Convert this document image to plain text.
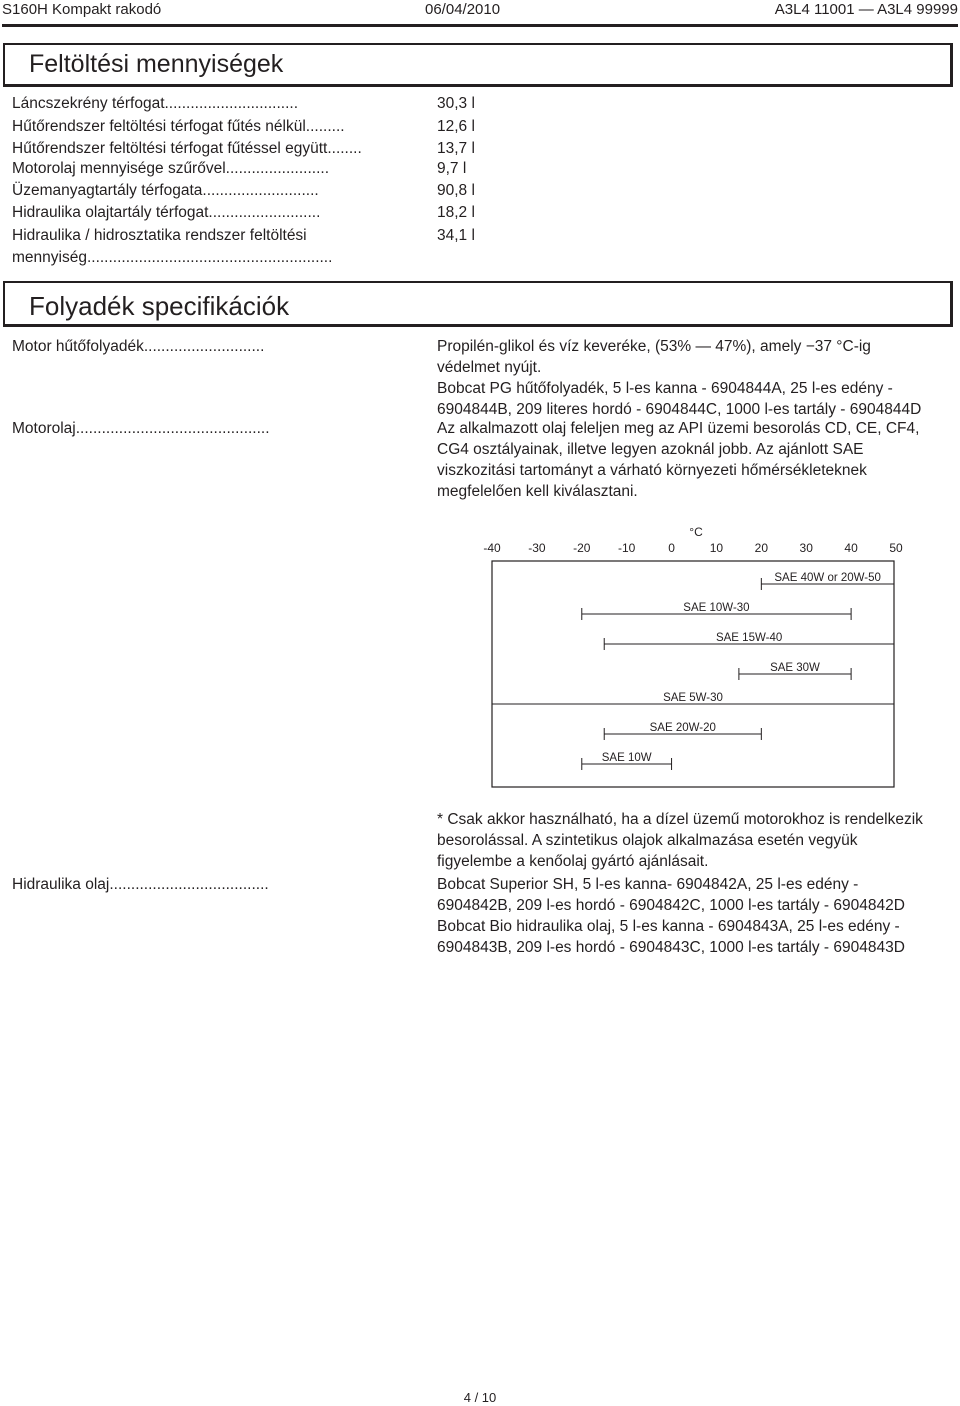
S160H Kompakt rakodó	06/04/2010	A3L4 11001 — A3L4 99999
Feltöltési mennyiségek
Láncszekrény térfogat...............................	30,3 l
Hűtőrendszer feltöltési térfogat fűtés nélkül.........	12,6 l
Hűtőrendszer feltöltési térfogat fűtéssel együtt........	13,7 l
Motorolaj mennyisége szűrővel........................	9,7 l
Üzemanyagtartály térfogata...........................	90,8 l
Hidraulika olajtartály térfogat..........................	18,2 l
Hidraulika / hidrosztatika rendszer feltöltési	34,1 l
mennyiség.........................................................
Folyadék specifikációk
Motor hűtőfolyadék............................	Propilén-glikol és víz keveréke, (53% — 47%), amely −37 °C-ig
védelmet nyújt.
Bobcat PG hűtőfolyadék, 5 l-es kanna - 6904844A, 25 l-es edény -
6904844B, 209 literes hordó - 6904844C, 1000 l-es tartály - 6904844D
Motorolaj.............................................	Az alkalmazott olaj feleljen meg az API üzemi besorolás CD, CE, CF4,
CG4 osztályainak, illetve legyen azoknál jobb. Az ajánlott SAE
viszkozitási tartományt a várható környezeti hőmérsékleteknek
megfelelően kell kiválasztani.
°C
-40 -30 -20 -10	0	10	20	30	40	50
SAE 40W or 20W-50
SAE 10W-30
SAE 15W-40
SAE 30W
SAE 5W-30
SAE 20W-20
SAE 10W
* Csak akkor használható, ha a dízel üzemű motorokhoz is rendelkezik
besorolással. A szintetikus olajok alkalmazása esetén vegyük
figyelembe a kenőolaj gyártó ajánlásait.
Hidraulika olaj.....................................	Bobcat Superior SH, 5 l-es kanna- 6904842A, 25 l-es edény -
6904842B, 209 l-es hordó - 6904842C, 1000 l-es tartály - 6904842D
Bobcat Bio hidraulika olaj, 5 l-es kanna - 6904843A, 25 l-es edény -
6904843B, 209 l-es hordó - 6904843C, 1000 l-es tartály - 6904843D
4 / 10
